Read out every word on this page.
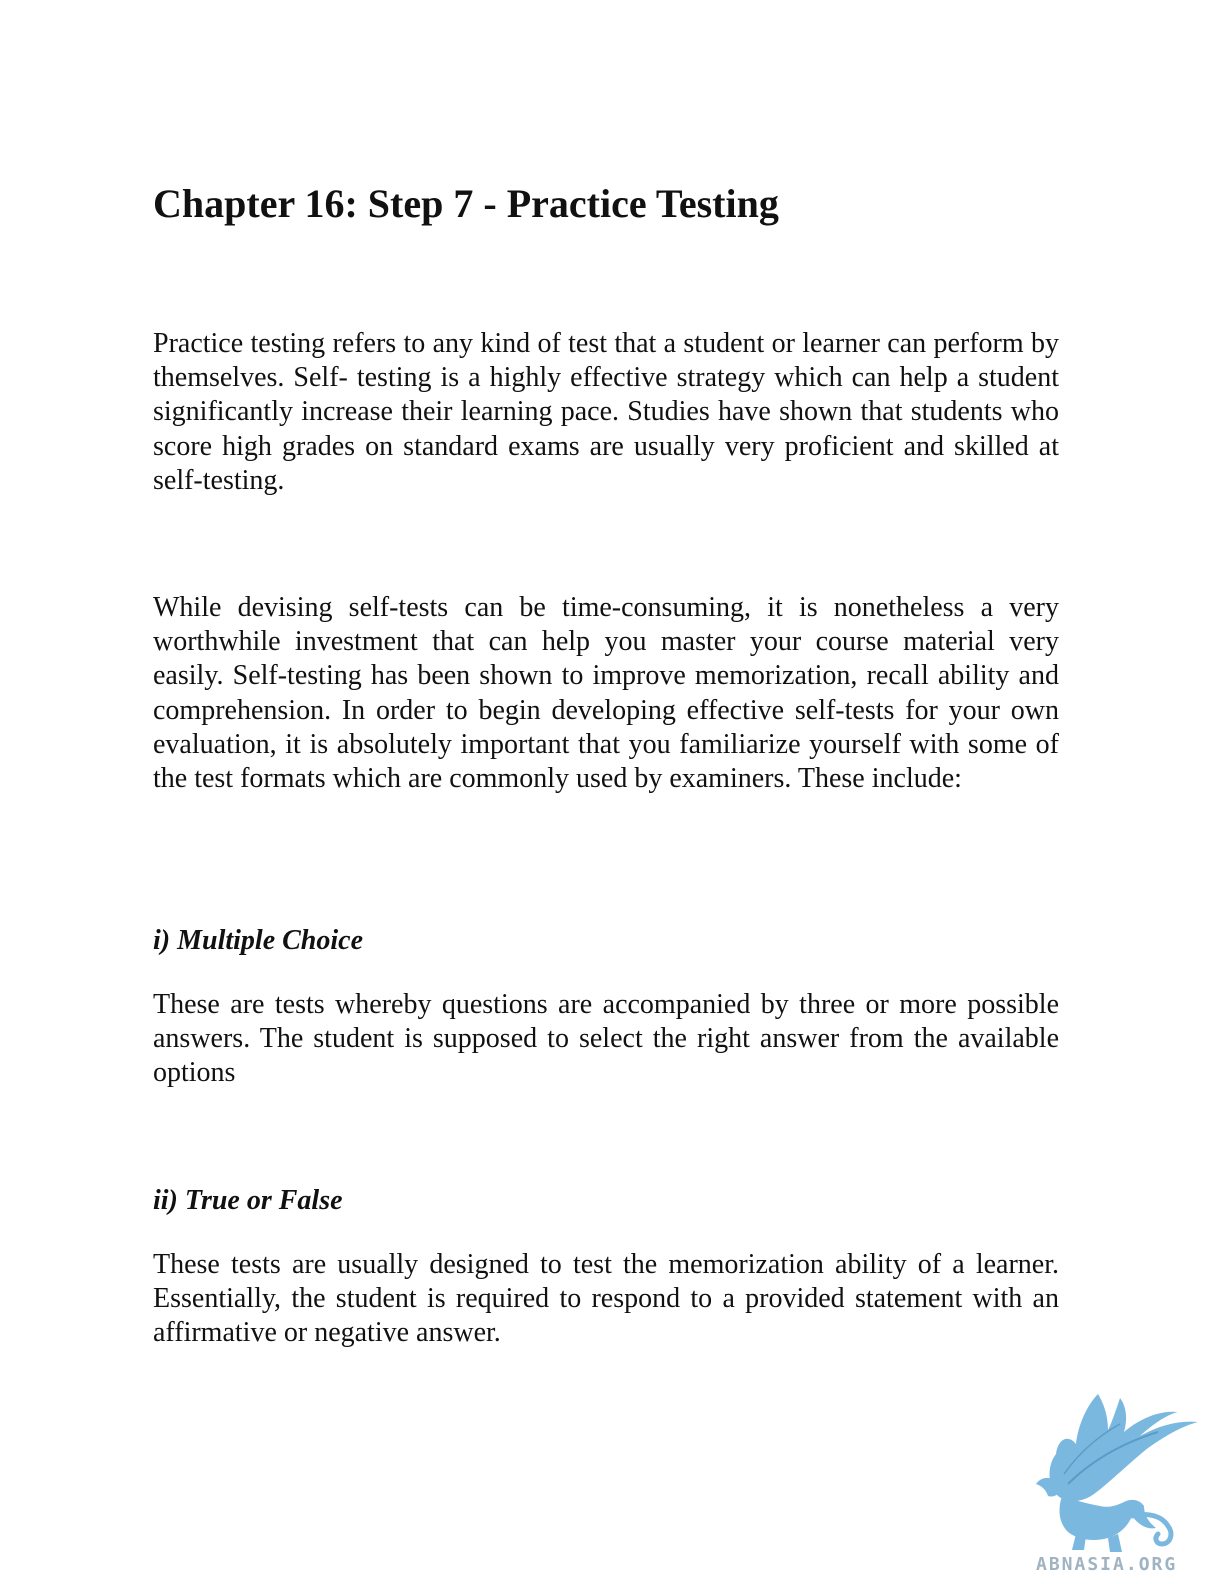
Chapter 16: Step 7 - Practice Testing

Practice testing refers to any kind of test that a student or learner can perform by themselves. Self- testing is a highly effective strategy which can help a student significantly increase their learning pace. Studies have shown that students who score high grades on standard exams are usually very proficient and skilled at self-testing.

While devising self-tests can be time-consuming, it is nonetheless a very worthwhile investment that can help you master your course material very easily. Self-testing has been shown to improve memorization, recall ability and comprehension. In order to begin developing effective self-tests for your own evaluation, it is absolutely important that you familiarize yourself with some of the test formats which are commonly used by examiners. These include:

i) Multiple Choice

These are tests whereby questions are accompanied by three or more possible answers. The student is supposed to select the right answer from the available options

ii) True or False

These tests are usually designed to test the memorization ability of a learner. Essentially, the student is required to respond to a provided statement with an affirmative or negative answer.

ABNASIA.ORG
